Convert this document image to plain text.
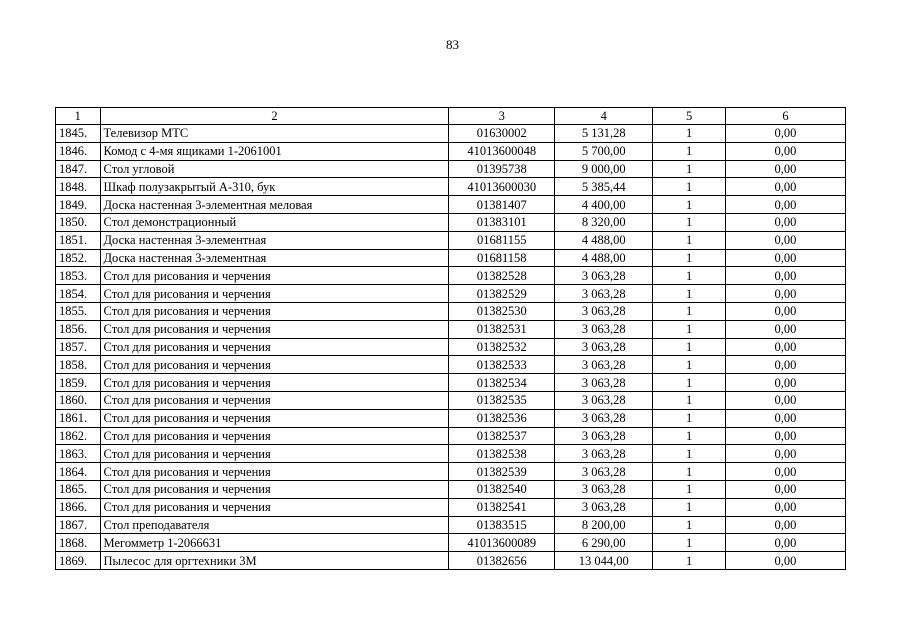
83
1	2	3	4	5	6
1845.	Телевизор МТС	01630002	5 131,28	1	0,00
1846.	Комод с 4-мя ящиками 1-2061001	41013600048	5 700,00	1	0,00
1847.	Стол угловой	01395738	9 000,00	1	0,00
1848.	Шкаф полузакрытый А-310, бук	41013600030	5 385,44	1	0,00
1849.	Доска настенная 3-элементная меловая	01381407	4 400,00	1	0,00
1850.	Стол демонстрационный	01383101	8 320,00	1	0,00
1851.	Доска настенная 3-элементная	01681155	4 488,00	1	0,00
1852.	Доска настенная 3-элементная	01681158	4 488,00	1	0,00
1853.	Стол для рисования и черчения	01382528	3 063,28	1	0,00
1854.	Стол для рисования и черчения	01382529	3 063,28	1	0,00
1855.	Стол для рисования и черчения	01382530	3 063,28	1	0,00
1856.	Стол для рисования и черчения	01382531	3 063,28	1	0,00
1857.	Стол для рисования и черчения	01382532	3 063,28	1	0,00
1858.	Стол для рисования и черчения	01382533	3 063,28	1	0,00
1859.	Стол для рисования и черчения	01382534	3 063,28	1	0,00
1860.	Стол для рисования и черчения	01382535	3 063,28	1	0,00
1861.	Стол для рисования и черчения	01382536	3 063,28	1	0,00
1862.	Стол для рисования и черчения	01382537	3 063,28	1	0,00
1863.	Стол для рисования и черчения	01382538	3 063,28	1	0,00
1864.	Стол для рисования и черчения	01382539	3 063,28	1	0,00
1865.	Стол для рисования и черчения	01382540	3 063,28	1	0,00
1866.	Стол для рисования и черчения	01382541	3 063,28	1	0,00
1867.	Стол преподавателя	01383515	8 200,00	1	0,00
1868.	Мегомметр 1-2066631	41013600089	6 290,00	1	0,00
1869.	Пылесос для оргтехники 3М	01382656	13 044,00	1	0,00
